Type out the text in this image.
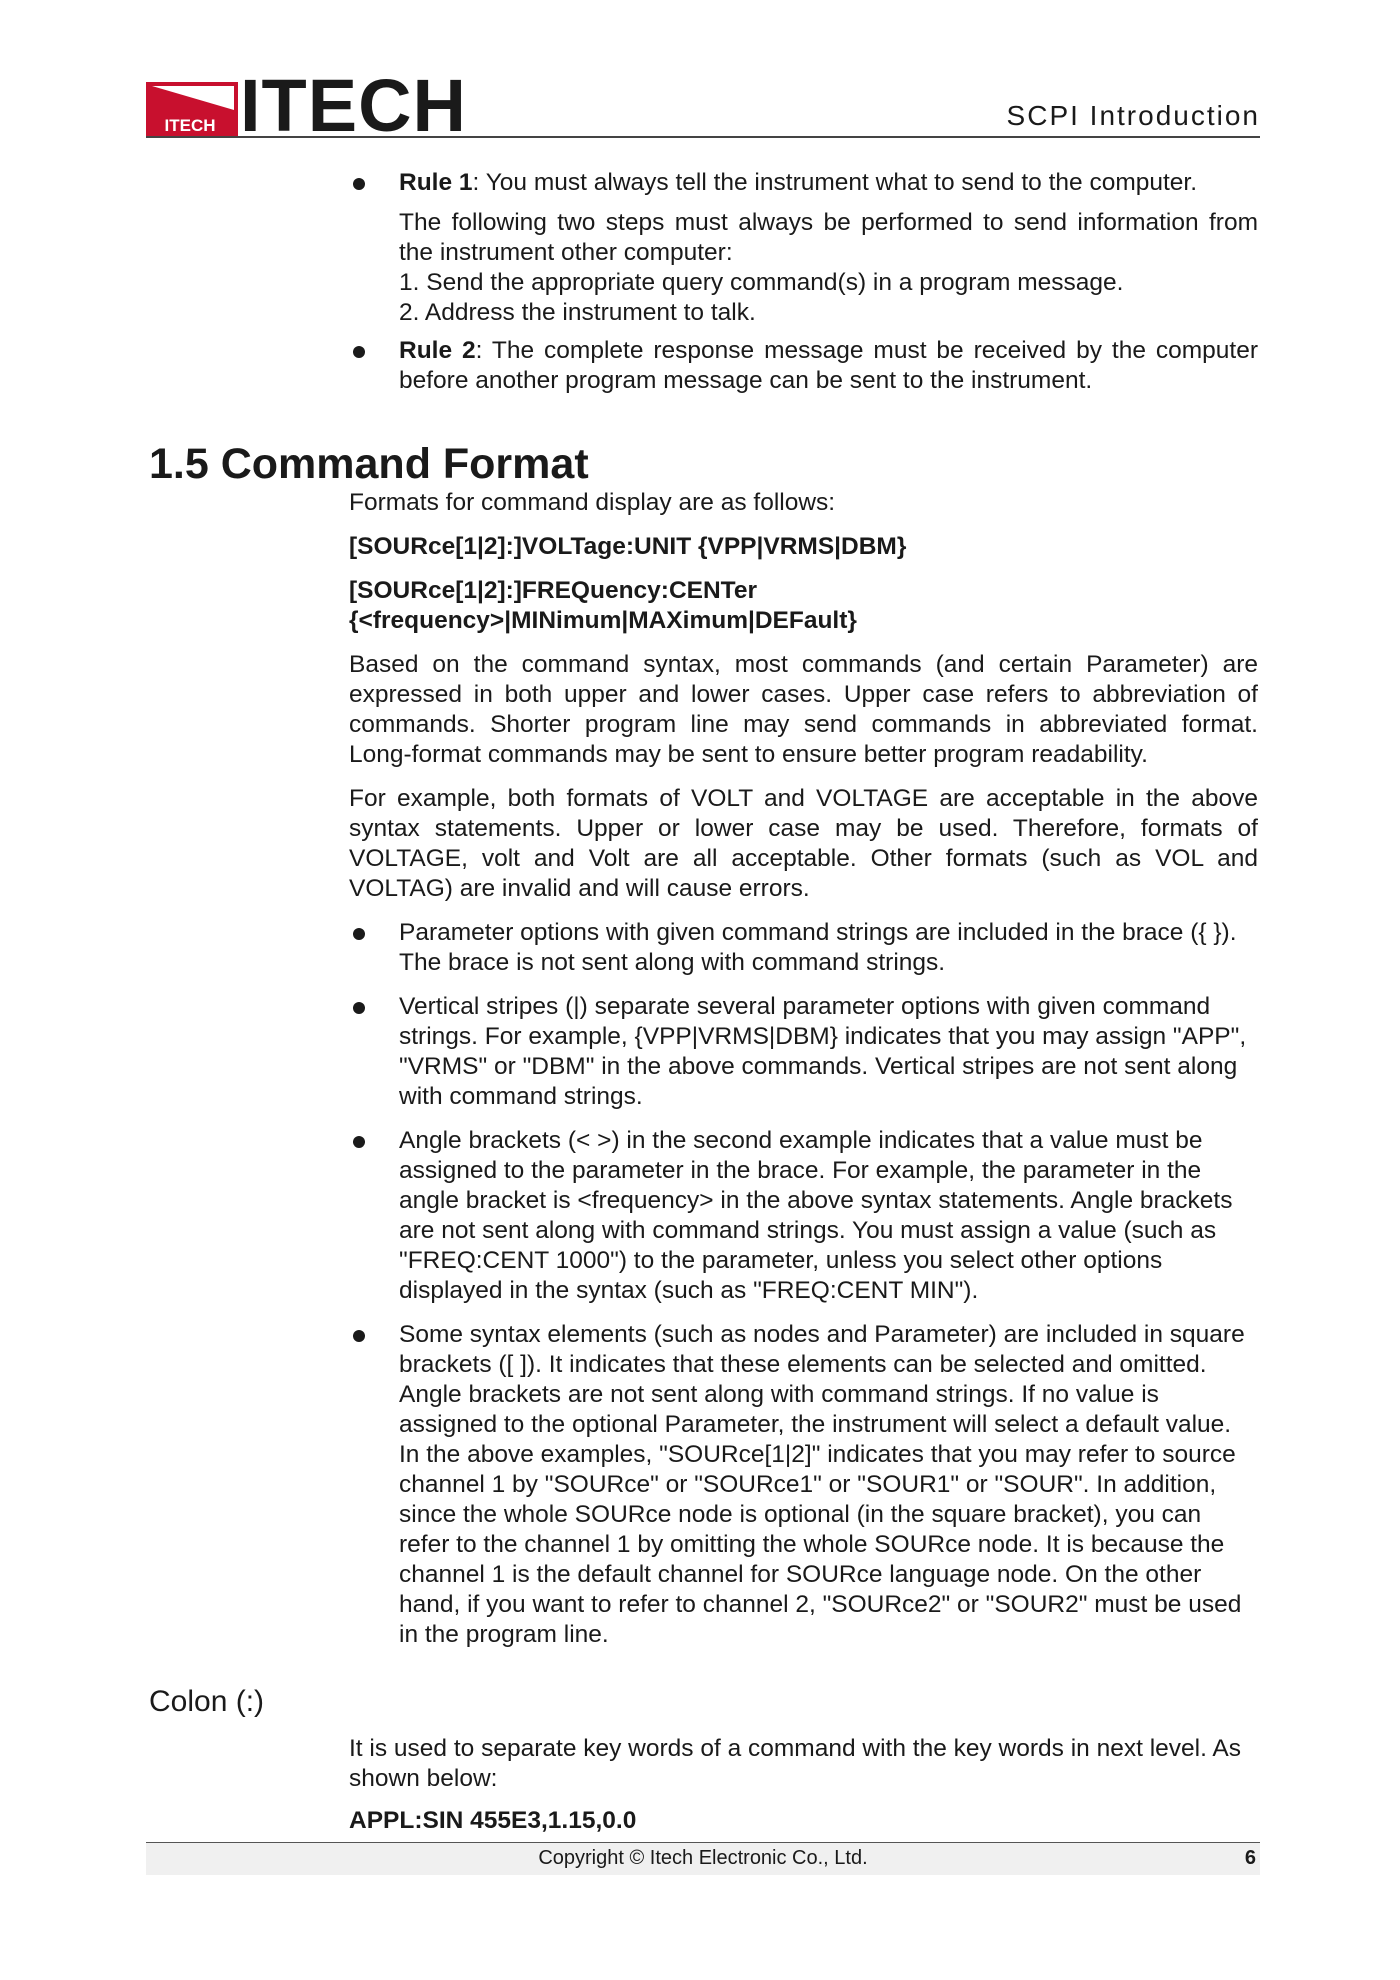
ITECH ITECH	SCPI Introduction
Rule 1: You must always tell the instrument what to send to the computer.

The following two steps must always be performed to send information from the instrument other computer:

1. Send the appropriate query command(s) in a program message.

2. Address the instrument to talk.

Rule 2: The complete response message must be received by the computer before another program message can be sent to the instrument.
1.5 Command Format

Formats for command display are as follows:

[SOURce[1|2]:]VOLTage:UNIT {VPP|VRMS|DBM}

[SOURce[1|2]:]FREQuency:CENTer

{<frequency>|MINimum|MAXimum|DEFault}

Based on the command syntax, most commands (and certain Parameter) are expressed in both upper and lower cases. Upper case refers to abbreviation of commands. Shorter program line may send commands in abbreviated format. Long-format commands may be sent to ensure better program readability.

For example, both formats of VOLT and VOLTAGE are acceptable in the above syntax statements. Upper or lower case may be used. Therefore, formats of VOLTAGE, volt and Volt are all acceptable. Other formats (such as VOL and VOLTAG) are invalid and will cause errors.

Parameter options with given command strings are included in the brace ({ }). The brace is not sent along with command strings.
Vertical stripes (|) separate several parameter options with given command strings. For example, {VPP|VRMS|DBM} indicates that you may assign "APP", "VRMS" or "DBM" in the above commands. Vertical stripes are not sent along with command strings.
Angle brackets (< >) in the second example indicates that a value must be assigned to the parameter in the brace. For example, the parameter in the angle bracket is <frequency> in the above syntax statements. Angle brackets are not sent along with command strings. You must assign a value (such as "FREQ:CENT 1000") to the parameter, unless you select other options displayed in the syntax (such as "FREQ:CENT MIN").
Some syntax elements (such as nodes and Parameter) are included in square brackets ([ ]). It indicates that these elements can be selected and omitted. Angle brackets are not sent along with command strings. If no value is assigned to the optional Parameter, the instrument will select a default value. In the above examples, "SOURce[1|2]" indicates that you may refer to source channel 1 by "SOURce" or "SOURce1" or "SOUR1" or "SOUR". In addition, since the whole SOURce node is optional (in the square bracket), you can refer to the channel 1 by omitting the whole SOURce node. It is because the channel 1 is the default channel for SOURce language node. On the other hand, if you want to refer to channel 2, "SOURce2" or "SOUR2" must be used in the program line.
Colon (:)

It is used to separate key words of a command with the key words in next level. As shown below:

APPL:SIN 455E3,1.15,0.0

Copyright © Itech Electronic Co., Ltd.	6
